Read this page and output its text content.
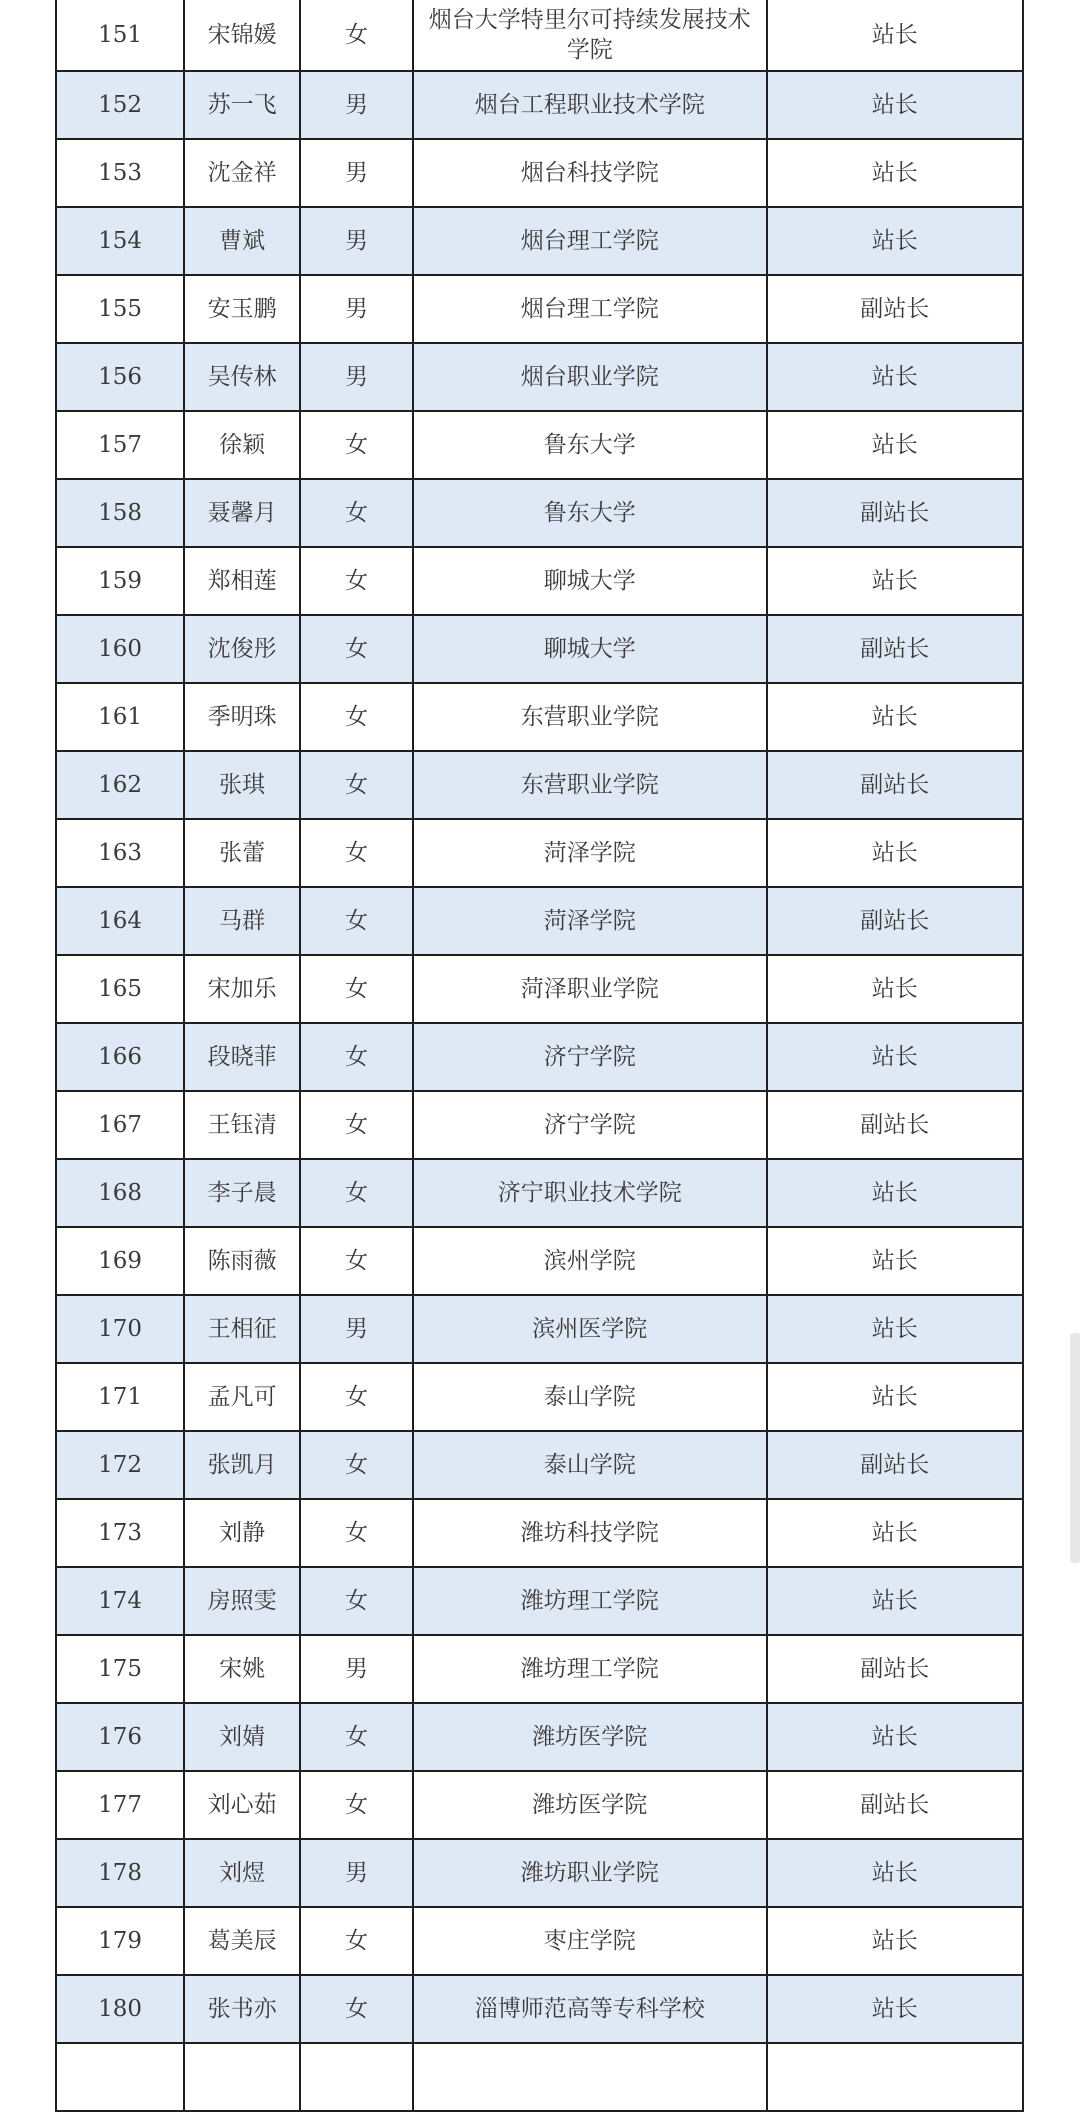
151	宋锦媛	女	烟台大学特里尔可持续发展技术学院	站长
152	苏一飞	男	烟台工程职业技术学院	站长
153	沈金祥	男	烟台科技学院	站长
154	曹斌	男	烟台理工学院	站长
155	安玉鹏	男	烟台理工学院	副站长
156	吴传林	男	烟台职业学院	站长
157	徐颖	女	鲁东大学	站长
158	聂馨月	女	鲁东大学	副站长
159	郑相莲	女	聊城大学	站长
160	沈俊彤	女	聊城大学	副站长
161	季明珠	女	东营职业学院	站长
162	张琪	女	东营职业学院	副站长
163	张蕾	女	菏泽学院	站长
164	马群	女	菏泽学院	副站长
165	宋加乐	女	菏泽职业学院	站长
166	段晓菲	女	济宁学院	站长
167	王钰清	女	济宁学院	副站长
168	李子晨	女	济宁职业技术学院	站长
169	陈雨薇	女	滨州学院	站长
170	王相征	男	滨州医学院	站长
171	孟凡可	女	泰山学院	站长
172	张凯月	女	泰山学院	副站长
173	刘静	女	潍坊科技学院	站长
174	房照雯	女	潍坊理工学院	站长
175	宋姚	男	潍坊理工学院	副站长
176	刘婧	女	潍坊医学院	站长
177	刘心茹	女	潍坊医学院	副站长
178	刘煜	男	潍坊职业学院	站长
179	葛美辰	女	枣庄学院	站长
180	张书亦	女	淄博师范高等专科学校	站长
